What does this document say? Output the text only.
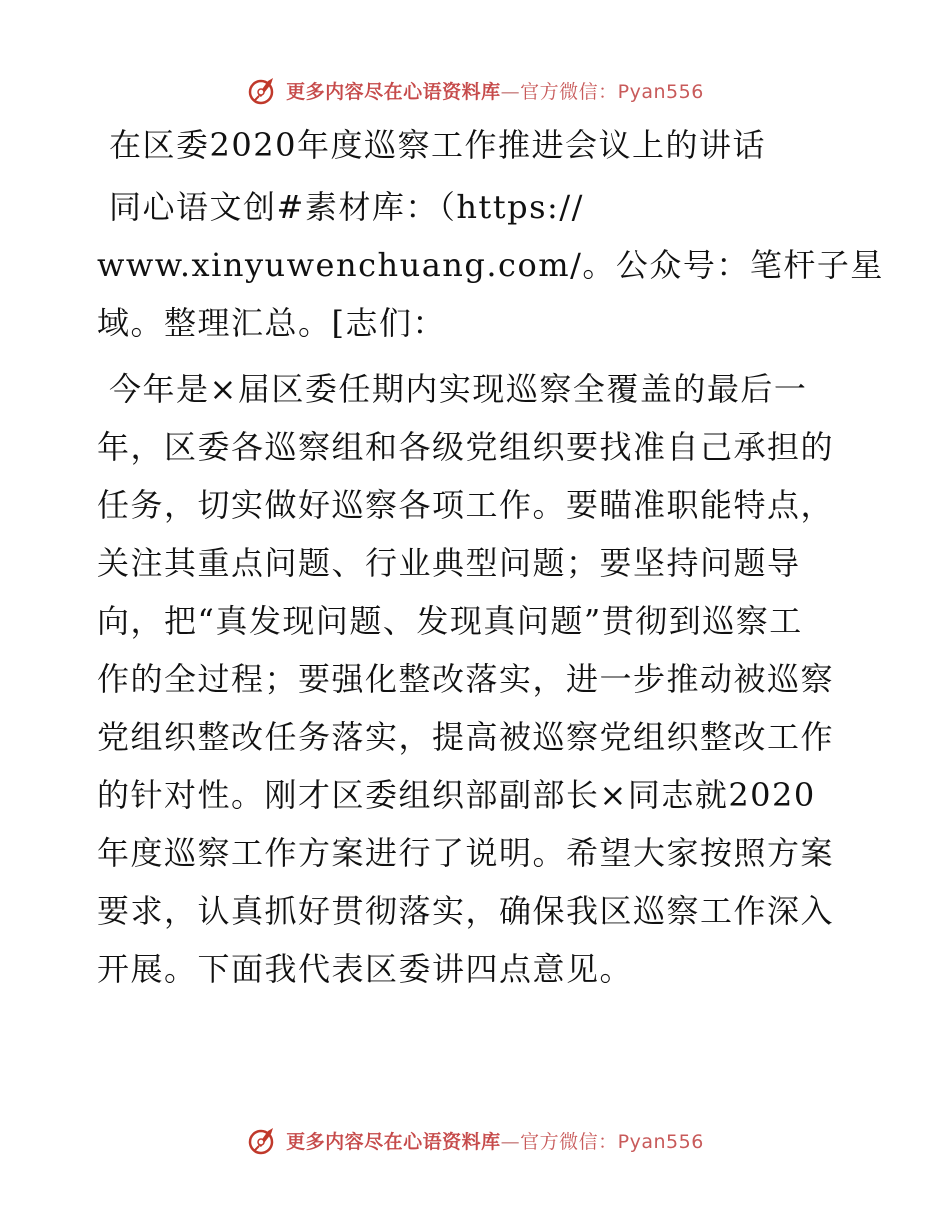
更多内容尽在心语资料库—官方微信：Pyan556
在区委2020年度巡察工作推进会议上的讲话
同心语文创#素材库：（https://
www.xinyuwenchuang.com/。公众号：笔杆子星
域。整理汇总。[志们：
今年是×届区委任期内实现巡察全覆盖的最后一
年，区委各巡察组和各级党组织要找准自己承担的
任务，切实做好巡察各项工作。要瞄准职能特点，
关注其重点问题、行业典型问题；要坚持问题导
向，把“真发现问题、发现真问题”贯彻到巡察工
作的全过程；要强化整改落实，进一步推动被巡察
党组织整改任务落实，提高被巡察党组织整改工作
的针对性。刚才区委组织部副部长×同志就2020
年度巡察工作方案进行了说明。希望大家按照方案
要求，认真抓好贯彻落实，确保我区巡察工作深入
开展。下面我代表区委讲四点意见。
更多内容尽在心语资料库—官方微信：Pyan556
